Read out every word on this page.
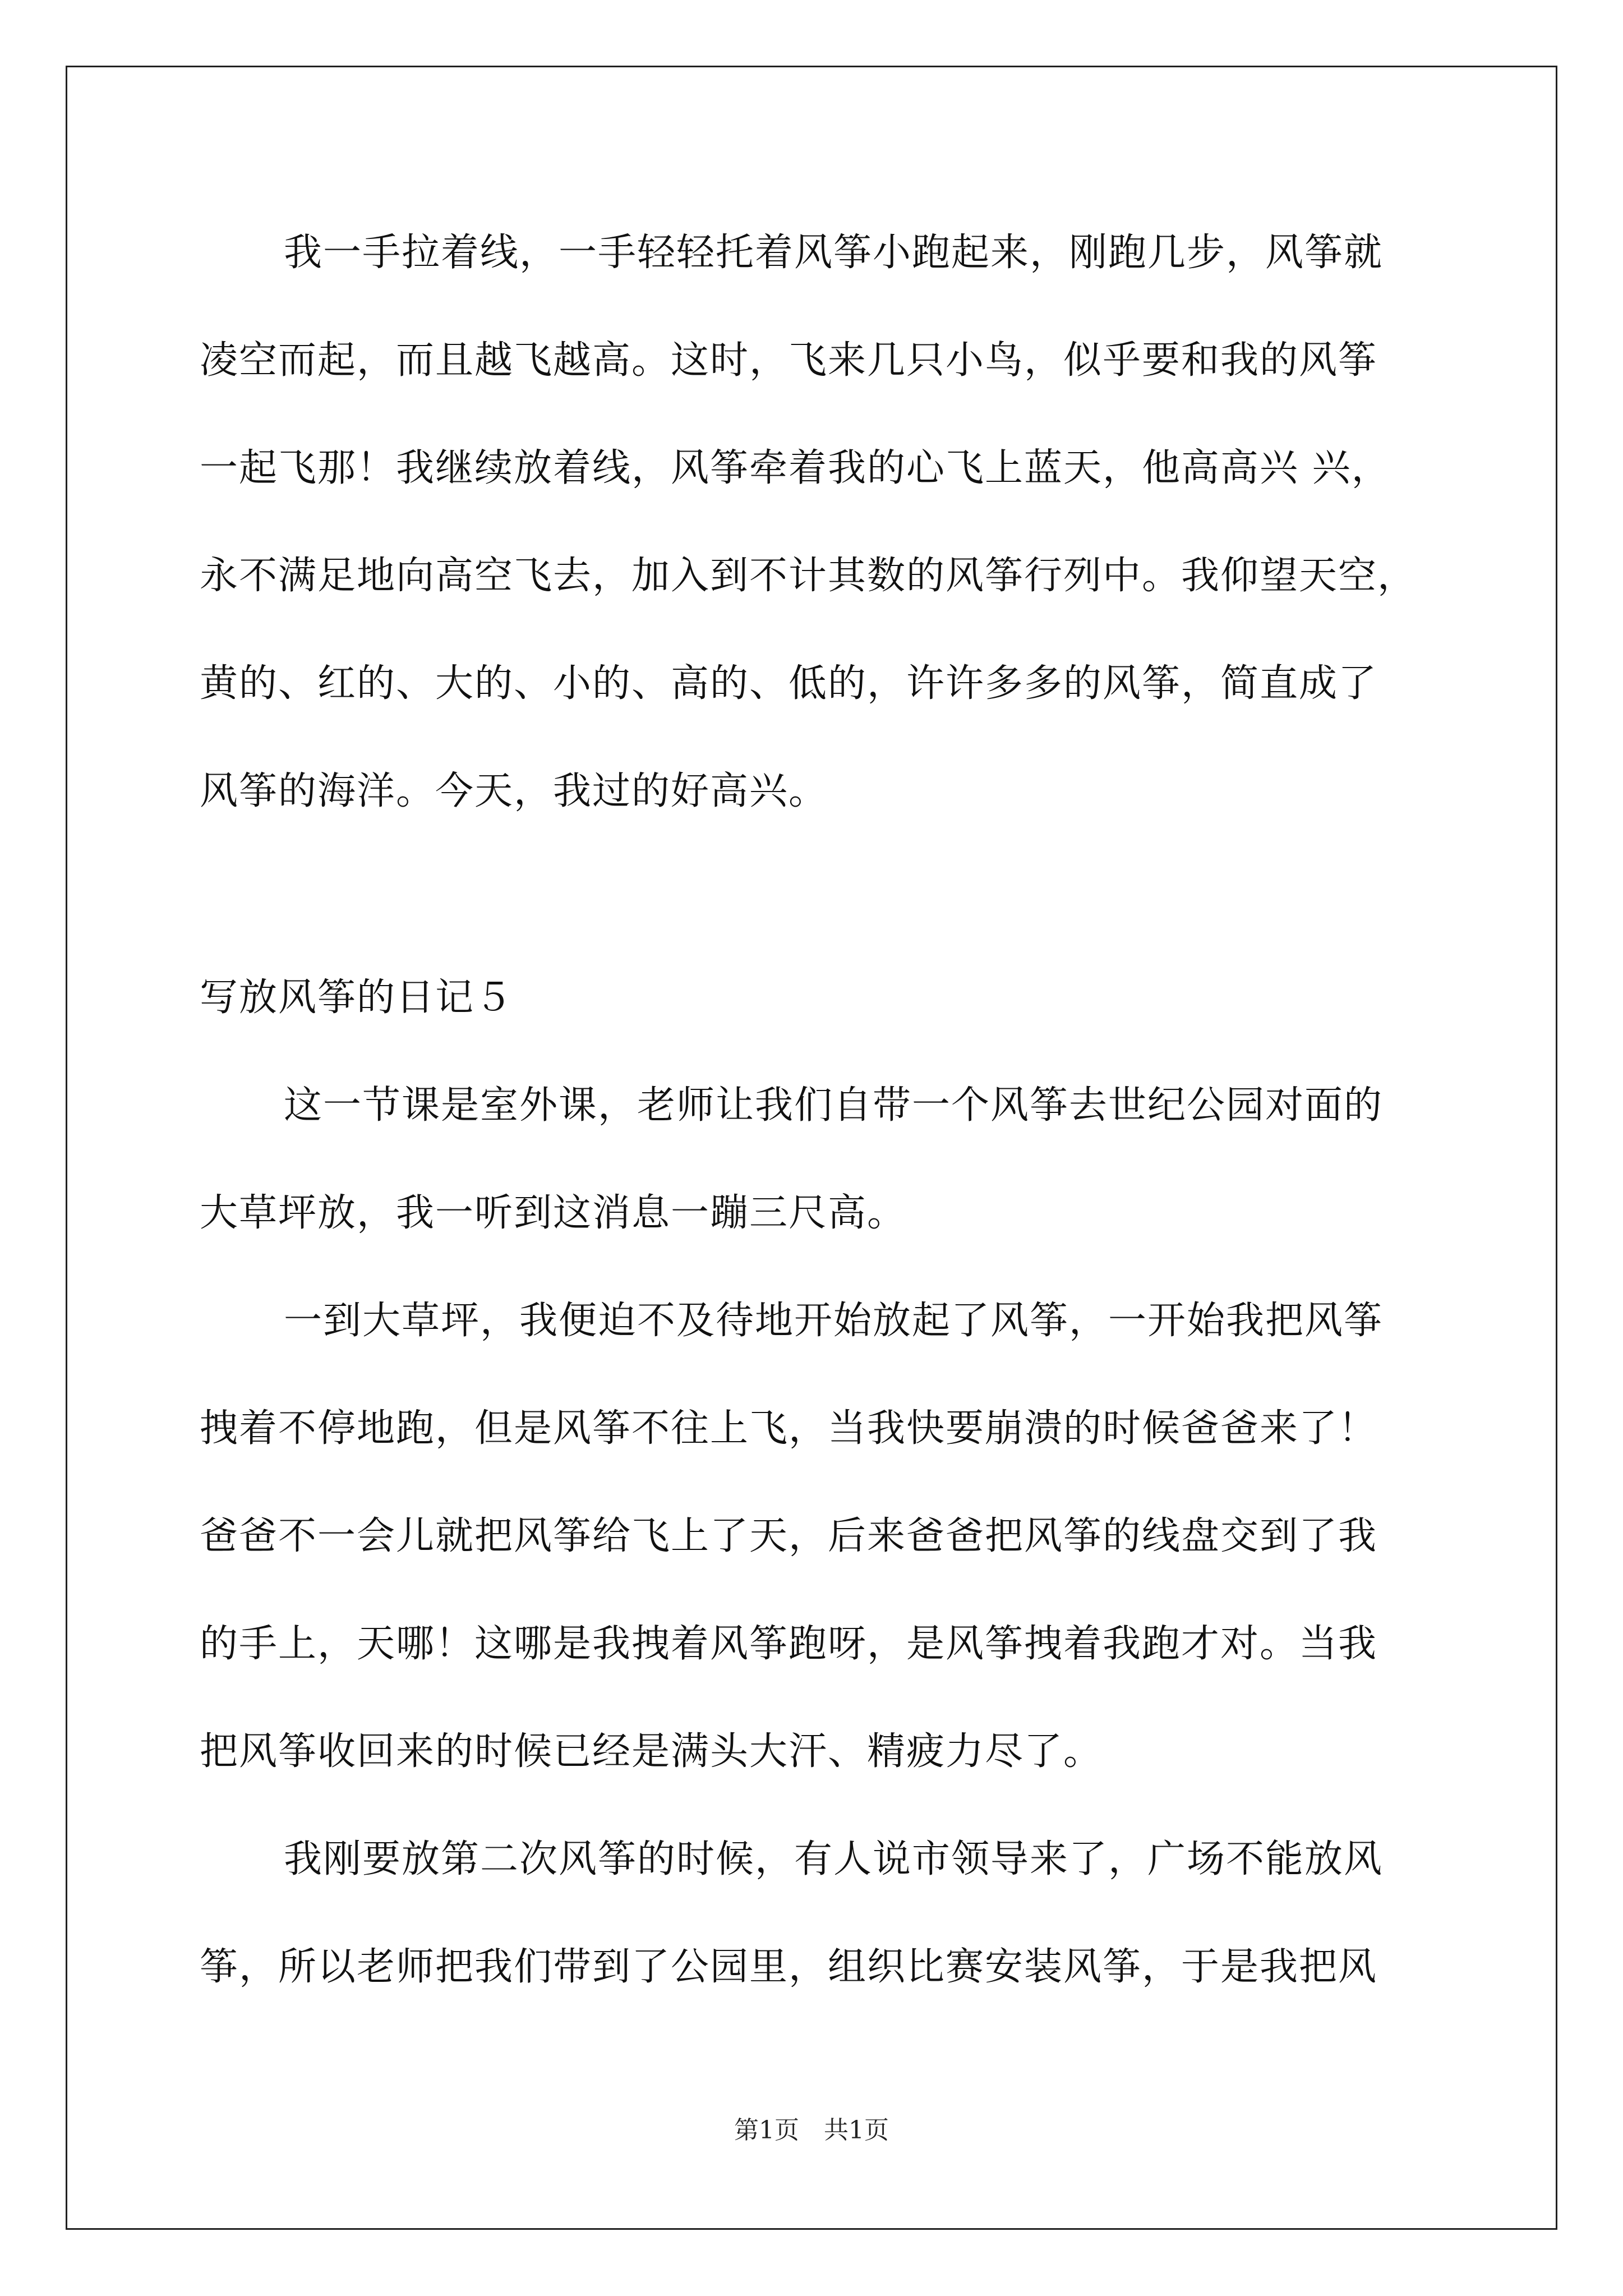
我一手拉着线，一手轻轻托着风筝小跑起来，刚跑几步，风筝就
凌空而起，而且越飞越高。这时，飞来几只小鸟，似乎要和我的风筝
一起飞那！我继续放着线，风筝牵着我的心飞上蓝天，他高高兴 兴，
永不满足地向高空飞去，加入到不计其数的风筝行列中。我仰望天空，
黄的、红的、大的、小的、高的、低的，许许多多的风筝，简直成了
风筝的海洋。今天，我过的好高兴。
写放风筝的日记５
这一节课是室外课，老师让我们自带一个风筝去世纪公园对面的
大草坪放，我一听到这消息一蹦三尺高。
一到大草坪，我便迫不及待地开始放起了风筝，一开始我把风筝
拽着不停地跑，但是风筝不往上飞，当我快要崩溃的时候爸爸来了！
爸爸不一会儿就把风筝给飞上了天，后来爸爸把风筝的线盘交到了我
的手上，天哪！这哪是我拽着风筝跑呀，是风筝拽着我跑才对。当我
把风筝收回来的时候已经是满头大汗、精疲力尽了。
我刚要放第二次风筝的时候，有人说市领导来了，广场不能放风
筝，所以老师把我们带到了公园里，组织比赛安装风筝，于是我把风
第1页　共1页
